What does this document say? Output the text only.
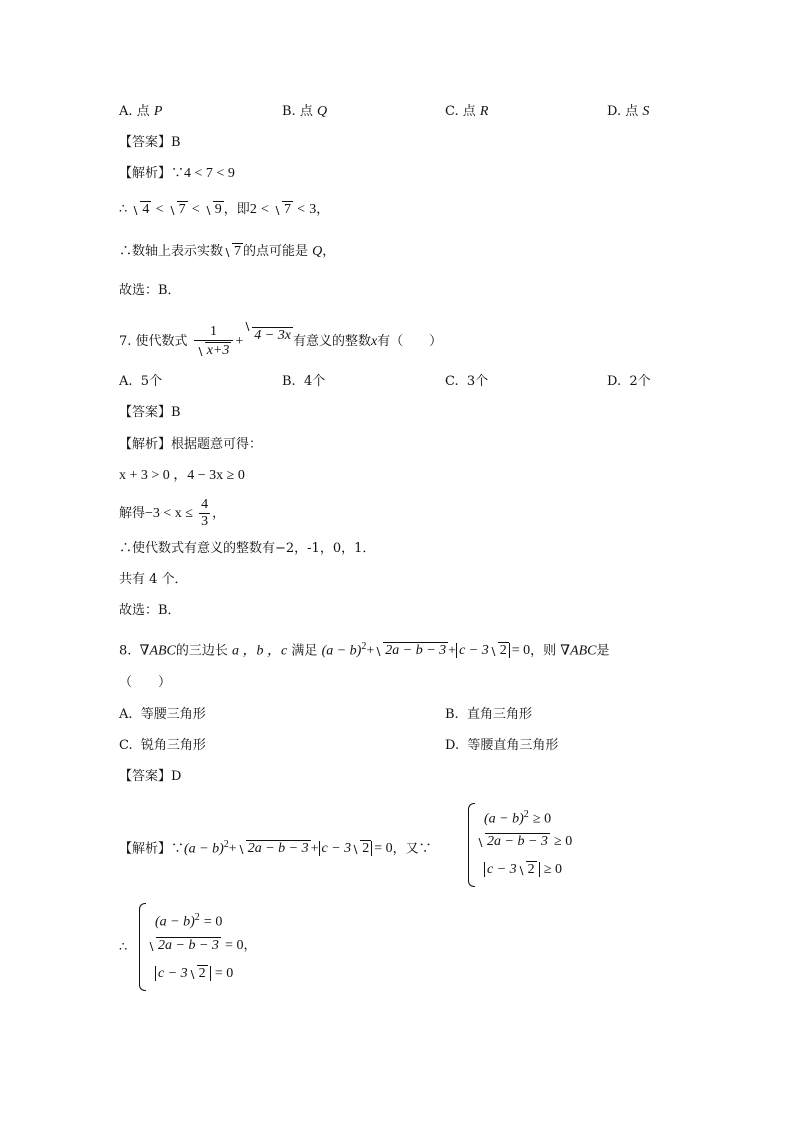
A. 点 P	B. 点 Q	C. 点 R	D. 点 S
【答案】B
【解析】∵4 < 7 < 9
∴ 4 < 7 < 9 ，即2 < 7 < 3，
∴数轴上表示实数 7 的点可能是 Q，
故选：B．
7. 使代数式 $\frac{1}{x+3} + 4 - 3x$ 有意义的整数x有（　　）
A. 5个	B. 4个	C. 3个	D. 2个
【答案】B
【解析】根据题意可得：
x + 3 > 0 ，4 − 3x ≥ 0
解得$-3 < x \le \frac{4}{3}$ ，
∴使代数式有意义的整数有−2，-1，0，1．
共有 4 个．
故选：B．
8. ∇ABC的三边长 a ，b ，c 满足 $(a - b)^2+ 2a - b - 3 + c - 3$ 2 = 0，则 ∇ABC是
（　　）
A. 等腰三角形	B. 直角三角形
C. 锐角三角形	D. 等腰直角三角形
【答案】D
【解析】∵(a − b)$^2$+ 2a − b − 3 + c − 3 2 = 0，又∵
$(a - b)^2 \ge 0$
2a − b − 3 ≥ 0
c − 3 2 ≥ 0
∴
$(a - b)^2 = 0$
2a − b − 3 = 0，
c − 3 2 = 0
